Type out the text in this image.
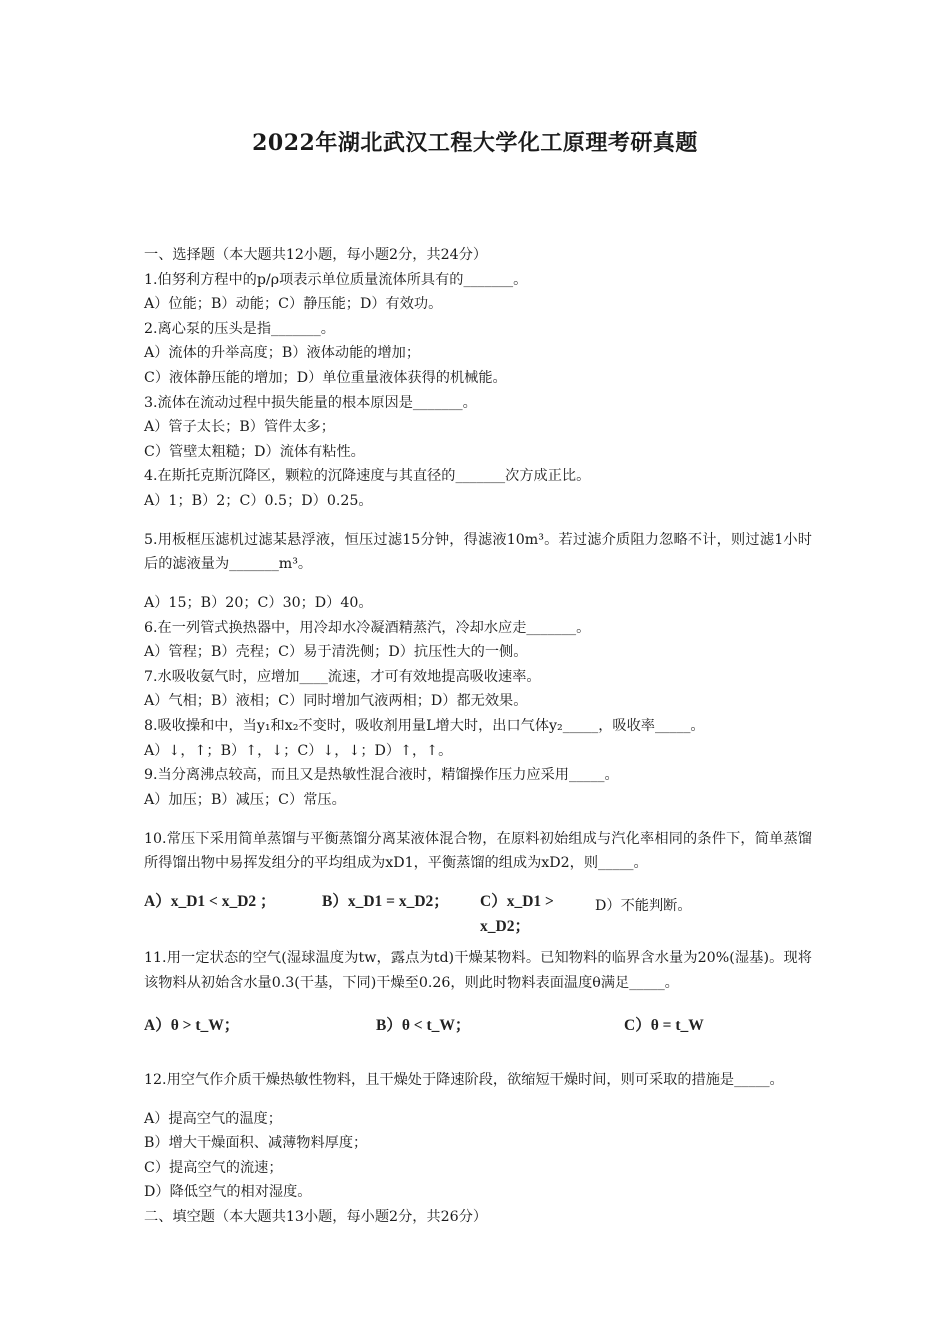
2022年湖北武汉工程大学化工原理考研真题

一、选择题（本大题共12小题，每小题2分，共24分）

1.伯努利方程中的p/ρ项表示单位质量流体所具有的_______。

A）位能；B）动能；C）静压能；D）有效功。

2.离心泵的压头是指_______。

A）流体的升举高度；B）液体动能的增加；

C）液体静压能的增加；D）单位重量液体获得的机械能。

3.流体在流动过程中损失能量的根本原因是_______。

A）管子太长；B）管件太多；

C）管壁太粗糙；D）流体有粘性。

4.在斯托克斯沉降区，颗粒的沉降速度与其直径的_______次方成正比。

A）1；B）2；C）0.5；D）0.25。

5.用板框压滤机过滤某悬浮液，恒压过滤15分钟，得滤液10m³。若过滤介质阻力忽略不计，则过滤1小时后的滤液量为_______m³。

A）15；B）20；C）30；D）40。

6.在一列管式换热器中，用冷却水冷凝酒精蒸汽，冷却水应走_______。

A）管程；B）壳程；C）易于清洗侧；D）抗压性大的一侧。

7.水吸收氨气时，应增加____流速，才可有效地提高吸收速率。

A）气相；B）液相；C）同时增加气液两相；D）都无效果。

8.吸收操和中，当y₁和x₂不变时，吸收剂用量L增大时，出口气体y₂_____，吸收率_____。

A）↓，↑；B）↑，↓；C）↓，↓；D）↑，↑。

9.当分离沸点较高，而且又是热敏性混合液时，精馏操作压力应采用_____。

A）加压；B）减压；C）常压。

10.常压下采用简单蒸馏与平衡蒸馏分离某液体混合物，在原料初始组成与汽化率相同的条件下，简单蒸馏所得馏出物中易挥发组分的平均组成为xD1，平衡蒸馏的组成为xD2，则_____。

A）x_D1 < x_D2 ；	B）x_D1 = x_D2；	C）x_D1 > x_D2；
D）不能判断。

11.用一定状态的空气(湿球温度为tw，露点为td)干燥某物料。已知物料的临界含水量为20%(湿基)。现将该物料从初始含水量0.3(干基，下同)干燥至0.26，则此时物料表面温度θ满足_____。

A）θ > t_W；	B）θ < t_W；	C）θ = t_W

12.用空气作介质干燥热敏性物料，且干燥处于降速阶段，欲缩短干燥时间，则可采取的措施是_____。

A）提高空气的温度；

B）增大干燥面积、减薄物料厚度；

C）提高空气的流速；

D）降低空气的相对湿度。

二、填空题（本大题共13小题，每小题2分，共26分）
